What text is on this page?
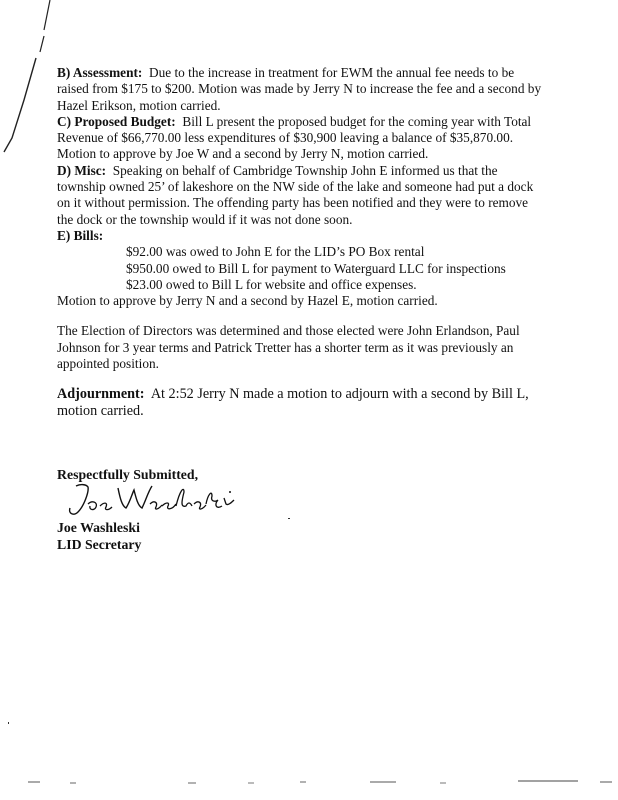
B) Assessment: Due to the increase in treatment for EWM the annual fee needs to be raised from $175 to $200. Motion was made by Jerry N to increase the fee and a second by Hazel Erikson, motion carried.

C) Proposed Budget: Bill L present the proposed budget for the coming year with Total Revenue of $66,770.00 less expenditures of $30,900 leaving a balance of $35,870.00. Motion to approve by Joe W and a second by Jerry N, motion carried.

D) Misc: Speaking on behalf of Cambridge Township John E informed us that the township owned 25’ of lakeshore on the NW side of the lake and someone had put a dock on it without permission. The offending party has been notified and they were to remove the dock or the township would if it was not done soon.

E) Bills:

$92.00 was owed to John E for the LID’s PO Box rental

$950.00 owed to Bill L for payment to Waterguard LLC for inspections

$23.00 owed to Bill L for website and office expenses.

Motion to approve by Jerry N and a second by Hazel E, motion carried.

The Election of Directors was determined and those elected were John Erlandson, Paul Johnson for 3 year terms and Patrick Tretter has a shorter term as it was previously an appointed position.

Adjournment: At 2:52 Jerry N made a motion to adjourn with a second by Bill L, motion carried.

Respectfully Submitted,
Joe Washleski
LID Secretary
